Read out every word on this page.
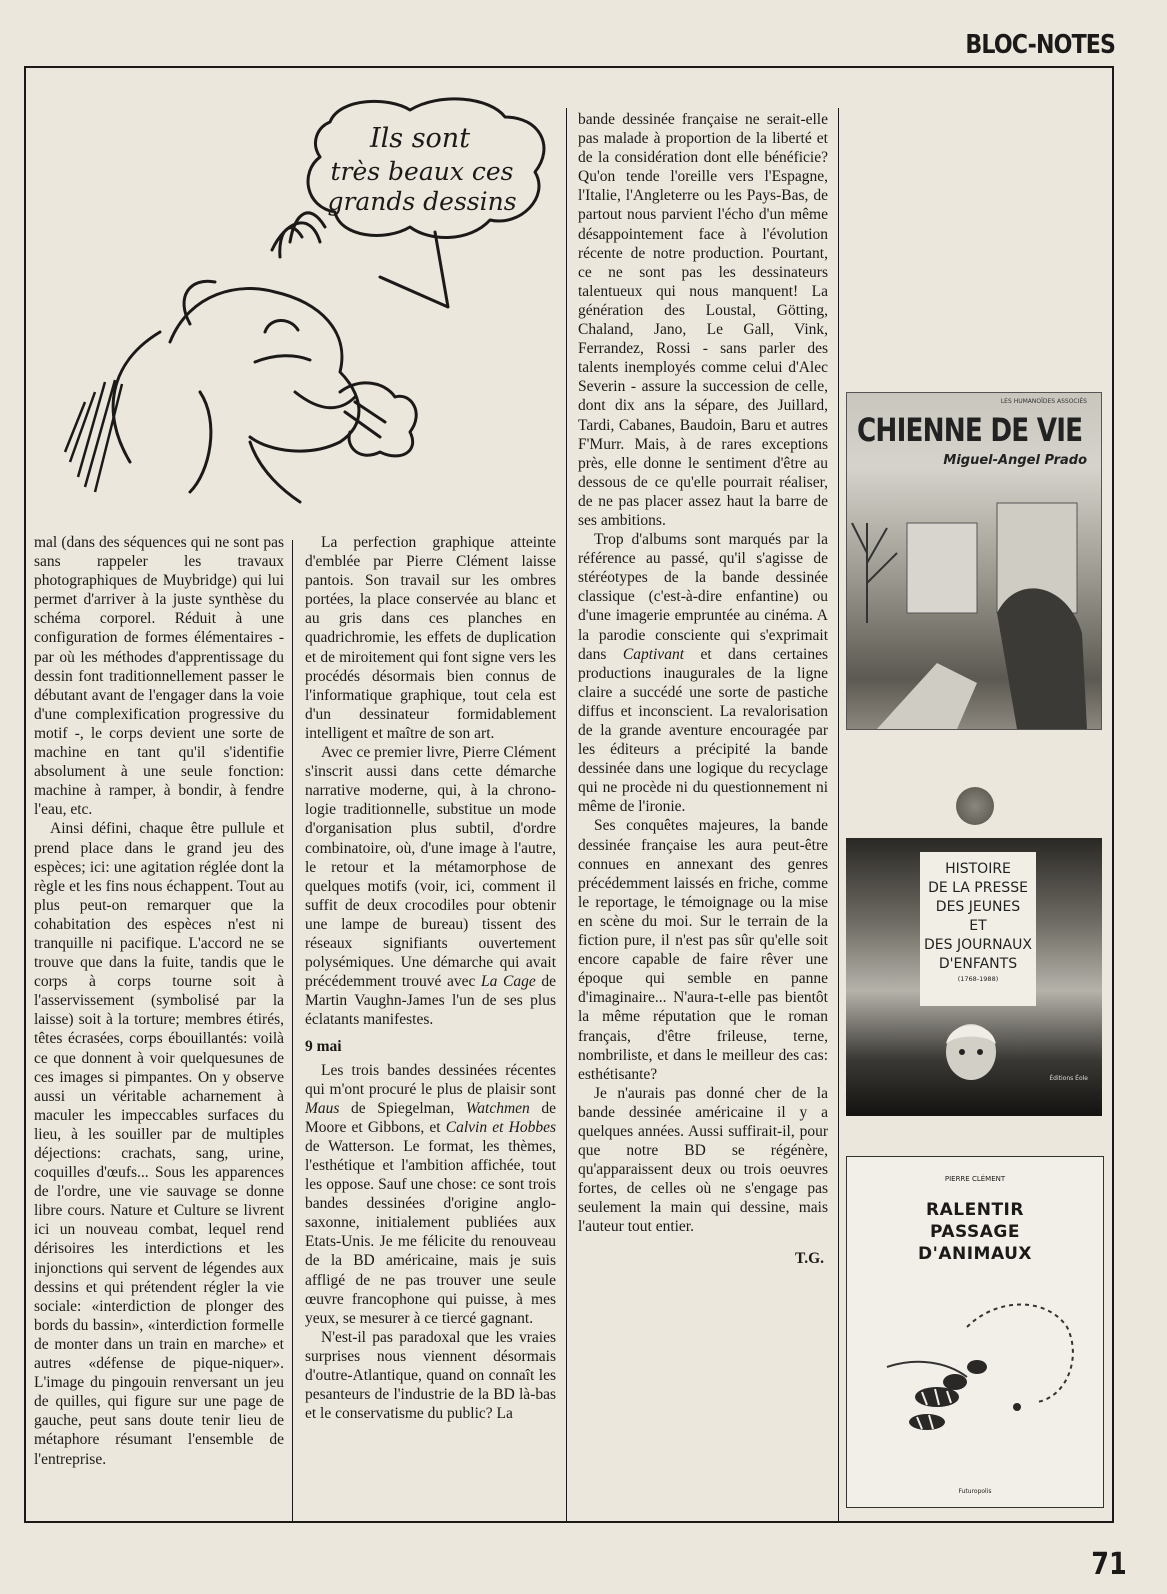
BLOC-NOTES
Ils sont
très beaux ces
grands dessins

mal (dans des séquences qui ne sont pas sans rappeler les travaux photographiques de Muybridge) qui lui permet d'arriver à la juste synthèse du schéma corporel. Réduit à une configuration de formes élémentaires - par où les méthodes d'apprentissage du dessin font traditionnellement passer le débutant avant de l'engager dans la voie d'une complexification progressive du motif -, le corps devient une sorte de machine en tant qu'il s'identifie absolument à une seule fonction: machine à ramper, à bondir, à fendre l'eau, etc.

Ainsi défini, chaque être pullule et prend place dans le grand jeu des espèces; ici: une agitation réglée dont la règle et les fins nous échappent. Tout au plus peut-on remarquer que la cohabitation des espèces n'est ni tranquille ni pacifique. L'accord ne se trouve que dans la fuite, tandis que le corps à corps tourne soit à l'asservissement (symbolisé par la laisse) soit à la torture; membres étirés, têtes écrasées, corps ébouillantés: voilà ce que donnent à voir quelquesunes de ces images si pimpantes. On y observe aussi un véritable acharnement à maculer les impeccables surfaces du lieu, à les souiller par de multiples déjections: crachats, sang, urine, coquilles d'œufs... Sous les apparences de l'ordre, une vie sauvage se donne libre cours. Nature et Culture se livrent ici un nouveau combat, lequel rend dérisoires les interdictions et les injonctions qui servent de légendes aux dessins et qui prétendent régler la vie sociale: «interdiction de plonger des bords du bassin», «interdiction formelle de monter dans un train en marche» et autres «défense de pique-niquer». L'image du pingouin renversant un jeu de quilles, qui figure sur une page de gauche, peut sans doute tenir lieu de métaphore résumant l'ensemble de l'entreprise.

La perfection graphique atteinte d'emblée par Pierre Clément laisse pantois. Son travail sur les ombres portées, la place conservée au blanc et au gris dans ces planches en quadrichromie, les effets de duplication et de miroitement qui font signe vers les procédés désormais bien connus de l'informatique graphique, tout cela est d'un dessinateur formidablement intelligent et maître de son art.

Avec ce premier livre, Pierre Clément s'inscrit aussi dans cette démarche narrative moderne, qui, à la chrono-logie traditionnelle, substitue un mode d'organisation plus subtil, d'ordre combinatoire, où, d'une image à l'autre, le retour et la métamorphose de quelques motifs (voir, ici, comment il suffit de deux crocodiles pour obtenir une lampe de bureau) tissent des réseaux signifiants ouvertement polysémiques. Une démarche qui avait précédemment trouvé avec La Cage de Martin Vaughn-James l'un de ses plus éclatants manifestes.

9 mai

Les trois bandes dessinées récentes qui m'ont procuré le plus de plaisir sont Maus de Spiegelman, Watchmen de Moore et Gibbons, et Calvin et Hobbes de Watterson. Le format, les thèmes, l'esthétique et l'ambition affichée, tout les oppose. Sauf une chose: ce sont trois bandes dessinées d'origine anglo-saxonne, initialement publiées aux Etats-Unis. Je me félicite du renouveau de la BD américaine, mais je suis affligé de ne pas trouver une seule œuvre francophone qui puisse, à mes yeux, se mesurer à ce tiercé gagnant.

N'est-il pas paradoxal que les vraies surprises nous viennent désormais d'outre-Atlantique, quand on connaît les pesanteurs de l'industrie de la BD là-bas et le conservatisme du public? La

bande dessinée française ne serait-elle pas malade à proportion de la liberté et de la considération dont elle bénéficie? Qu'on tende l'oreille vers l'Espagne, l'Italie, l'Angleterre ou les Pays-Bas, de partout nous parvient l'écho d'un même désappointement face à l'évolution récente de notre production. Pourtant, ce ne sont pas les dessinateurs talentueux qui nous manquent! La génération des Loustal, Götting, Chaland, Jano, Le Gall, Vink, Ferrandez, Rossi - sans parler des talents inemployés comme celui d'Alec Severin - assure la succession de celle, dont dix ans la sépare, des Juillard, Tardi, Cabanes, Baudoin, Baru et autres F'Murr. Mais, à de rares exceptions près, elle donne le sentiment d'être au dessous de ce qu'elle pourrait réaliser, de ne pas placer assez haut la barre de ses ambitions.

Trop d'albums sont marqués par la référence au passé, qu'il s'agisse de stéréotypes de la bande dessinée classique (c'est-à-dire enfantine) ou d'une imagerie empruntée au cinéma. A la parodie consciente qui s'exprimait dans Captivant et dans certaines productions inaugurales de la ligne claire a succédé une sorte de pastiche diffus et inconscient. La revalorisation de la grande aventure encouragée par les éditeurs a précipité la bande dessinée dans une logique du recyclage qui ne procède ni du questionnement ni même de l'ironie.

Ses conquêtes majeures, la bande dessinée française les aura peut-être connues en annexant des genres précédemment laissés en friche, comme le reportage, le témoignage ou la mise en scène du moi. Sur le terrain de la fiction pure, il n'est pas sûr qu'elle soit encore capable de faire rêver une époque qui semble en panne d'imaginaire... N'aura-t-elle pas bientôt la même réputation que le roman français, d'être frileuse, terne, nombriliste, et dans le meilleur des cas: esthétisante?

Je n'aurais pas donné cher de la bande dessinée américaine il y a quelques années. Aussi suffirait-il, pour que notre BD se régénère, qu'apparaissent deux ou trois oeuvres fortes, de celles où ne s'engage pas seulement la main qui dessine, mais l'auteur tout entier.

T.G.
LES HUMANOÏDES ASSOCIÉS
CHIENNE DE VIE
Miguel-Angel Prado
HISTOIRE
DE LA PRESSE
DES JEUNES
ET
DES JOURNAUX
D'ENFANTS
(1768-1988)
Éditions Éole
PIERRE CLÉMENT
RALENTIR
PASSAGE
D'ANIMAUX
Futuropolis
71
